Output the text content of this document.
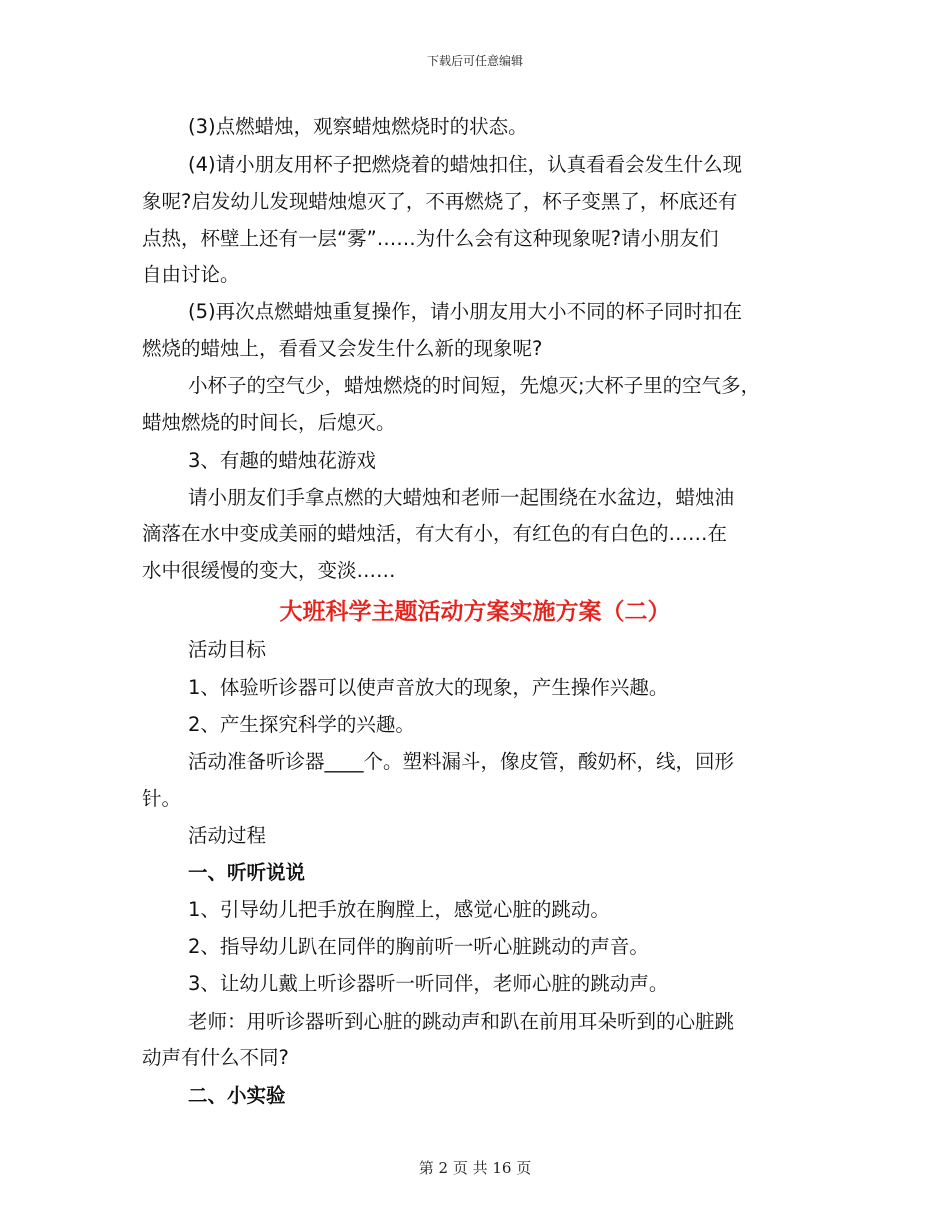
下载后可任意编辑
(3)点燃蜡烛，观察蜡烛燃烧时的状态。
(4)请小朋友用杯子把燃烧着的蜡烛扣住，认真看看会发生什么现
象呢?启发幼儿发现蜡烛熄灭了，不再燃烧了，杯子变黑了，杯底还有
点热，杯壁上还有一层“雾”……为什么会有这种现象呢?请小朋友们
自由讨论。
(5)再次点燃蜡烛重复操作，请小朋友用大小不同的杯子同时扣在
燃烧的蜡烛上，看看又会发生什么新的现象呢?
小杯子的空气少，蜡烛燃烧的时间短，先熄灭;大杯子里的空气多，
蜡烛燃烧的时间长，后熄灭。
3、有趣的蜡烛花游戏
请小朋友们手拿点燃的大蜡烛和老师一起围绕在水盆边，蜡烛油
滴落在水中变成美丽的蜡烛活，有大有小，有红色的有白色的……在
水中很缓慢的变大，变淡……
大班科学主题活动方案实施方案（二）
活动目标
1、体验听诊器可以使声音放大的现象，产生操作兴趣。
2、产生探究科学的兴趣。
活动准备听诊器____个。塑料漏斗，像皮管，酸奶杯，线，回形
针。
活动过程
一、听听说说
1、引导幼儿把手放在胸膛上，感觉心脏的跳动。
2、指导幼儿趴在同伴的胸前听一听心脏跳动的声音。
3、让幼儿戴上听诊器听一听同伴，老师心脏的跳动声。
老师：用听诊器听到心脏的跳动声和趴在前用耳朵听到的心脏跳
动声有什么不同?
二、小实验
第 2 页 共 16 页
